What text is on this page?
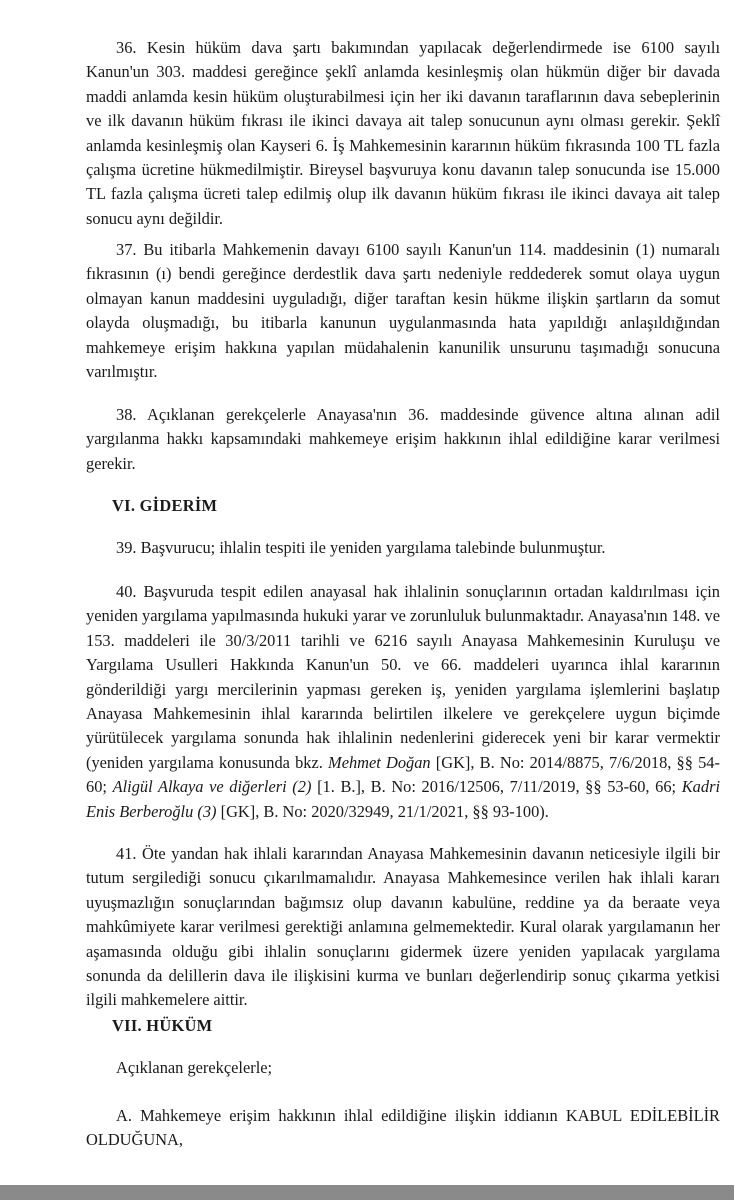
36. Kesin hüküm dava şartı bakımından yapılacak değerlendirmede ise 6100 sayılı Kanun'un 303. maddesi gereğince şeklî anlamda kesinleşmiş olan hükmün diğer bir davada maddi anlamda kesin hüküm oluşturabilmesi için her iki davanın taraflarının dava sebeplerinin ve ilk davanın hüküm fıkrası ile ikinci davaya ait talep sonucunun aynı olması gerekir. Şeklî anlamda kesinleşmiş olan Kayseri 6. İş Mahkemesinin kararının hüküm fıkrasında 100 TL fazla çalışma ücretine hükmedilmiştir. Bireysel başvuruya konu davanın talep sonucunda ise 15.000 TL fazla çalışma ücreti talep edilmiş olup ilk davanın hüküm fıkrası ile ikinci davaya ait talep sonucu aynı değildir.

37. Bu itibarla Mahkemenin davayı 6100 sayılı Kanun'un 114. maddesinin (1) numaralı fıkrasının (ı) bendi gereğince derdestlik dava şartı nedeniyle reddederek somut olaya uygun olmayan kanun maddesini uyguladığı, diğer taraftan kesin hükme ilişkin şartların da somut olayda oluşmadığı, bu itibarla kanunun uygulanmasında hata yapıldığı anlaşıldığından mahkemeye erişim hakkına yapılan müdahalenin kanunilik unsurunu taşımadığı sonucuna varılmıştır.

38. Açıklanan gerekçelerle Anayasa'nın 36. maddesinde güvence altına alınan adil yargılanma hakkı kapsamındaki mahkemeye erişim hakkının ihlal edildiğine karar verilmesi gerekir.

VI. GİDERİM

39. Başvurucu; ihlalin tespiti ile yeniden yargılama talebinde bulunmuştur.

40. Başvuruda tespit edilen anayasal hak ihlalinin sonuçlarının ortadan kaldırılması için yeniden yargılama yapılmasında hukuki yarar ve zorunluluk bulunmaktadır. Anayasa'nın 148. ve 153. maddeleri ile 30/3/2011 tarihli ve 6216 sayılı Anayasa Mahkemesinin Kuruluşu ve Yargılama Usulleri Hakkında Kanun'un 50. ve 66. maddeleri uyarınca ihlal kararının gönderildiği yargı mercilerinin yapması gereken iş, yeniden yargılama işlemlerini başlatıp Anayasa Mahkemesinin ihlal kararında belirtilen ilkelere ve gerekçelere uygun biçimde yürütülecek yargılama sonunda hak ihlalinin nedenlerini giderecek yeni bir karar vermektir (yeniden yargılama konusunda bkz. Mehmet Doğan [GK], B. No: 2014/8875, 7/6/2018, §§ 54-60; Aligül Alkaya ve diğerleri (2) [1. B.], B. No: 2016/12506, 7/11/2019, §§ 53-60, 66; Kadri Enis Berberoğlu (3) [GK], B. No: 2020/32949, 21/1/2021, §§ 93-100).

41. Öte yandan hak ihlali kararından Anayasa Mahkemesinin davanın neticesiyle ilgili bir tutum sergilediği sonucu çıkarılmamalıdır. Anayasa Mahkemesince verilen hak ihlali kararı uyuşmazlığın sonuçlarından bağımsız olup davanın kabulüne, reddine ya da beraate veya mahkûmiyete karar verilmesi gerektiği anlamına gelmemektedir. Kural olarak yargılamanın her aşamasında olduğu gibi ihlalin sonuçlarını gidermek üzere yeniden yapılacak yargılama sonunda da delillerin dava ile ilişkisini kurma ve bunları değerlendirip sonuç çıkarma yetkisi ilgili mahkemelere aittir.

VII. HÜKÜM

Açıklanan gerekçelerle;

A. Mahkemeye erişim hakkının ihlal edildiğine ilişkin iddianın KABUL EDİLEBİLİR OLDUĞUNA,
